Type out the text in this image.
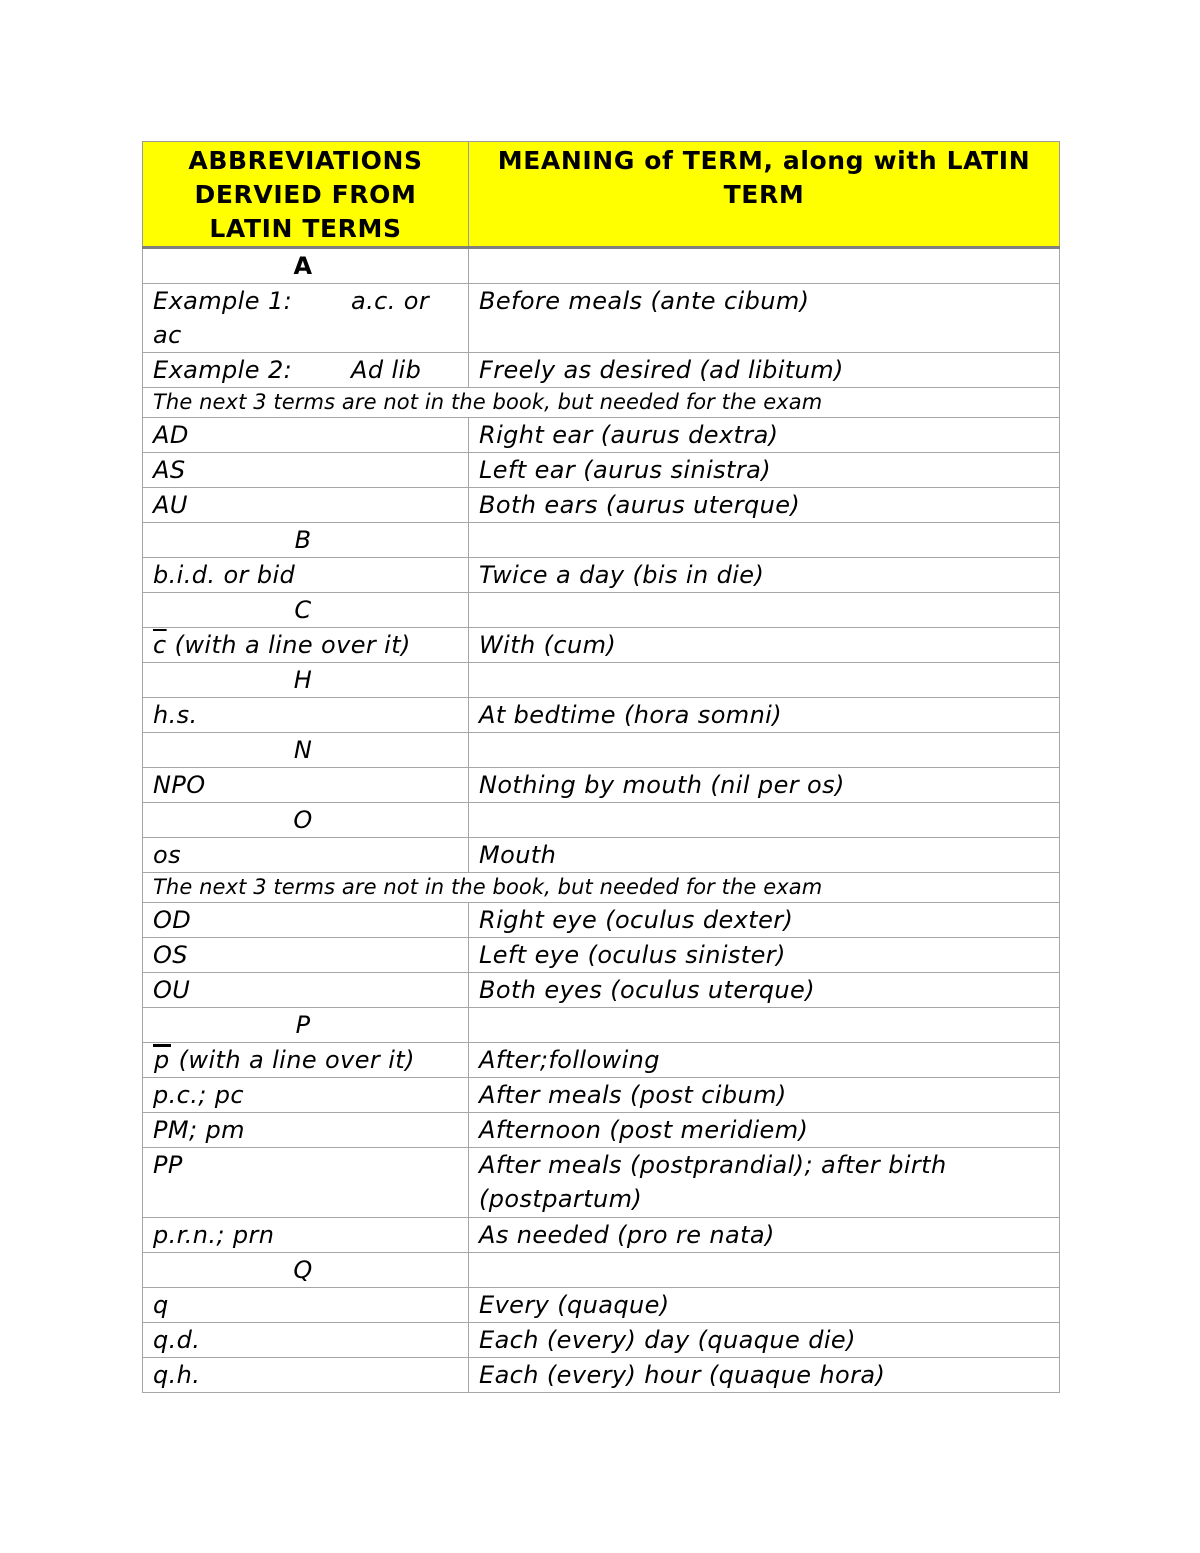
ABBREVIATIONS DERVIED FROM LATIN TERMS	MEANING of TERM, along with LATIN TERM
A	
Example 1: a.c. or ac	Before meals (ante cibum)
Example 2: Ad lib	Freely as desired (ad libitum)
The next 3 terms are not in the book, but needed for the exam	
AD	Right ear (aurus dextra)
AS	Left ear (aurus sinistra)
AU	Both ears (aurus uterque)
B	
b.i.d. or bid	Twice a day (bis in die)
C	
$\overline{c}$ (with a line over it)	With (cum)
H	
h.s.	At bedtime (hora somni)
N	
NPO	Nothing by mouth (nil per os)
O	
os	Mouth
The next 3 terms are not in the book, but needed for the exam	
OD	Right eye (oculus dexter)
OS	Left eye (oculus sinister)
OU	Both eyes (oculus uterque)
P	
p (with a line over it)	After;following
p.c.; pc	After meals (post cibum)
PM; pm	Afternoon (post meridiem)
PP	After meals (postprandial); after birth (postpartum)
p.r.n.; prn	As needed (pro re nata)
Q	
q	Every (quaque)
q.d.	Each (every) day (quaque die)
q.h.	Each (every) hour (quaque hora)
